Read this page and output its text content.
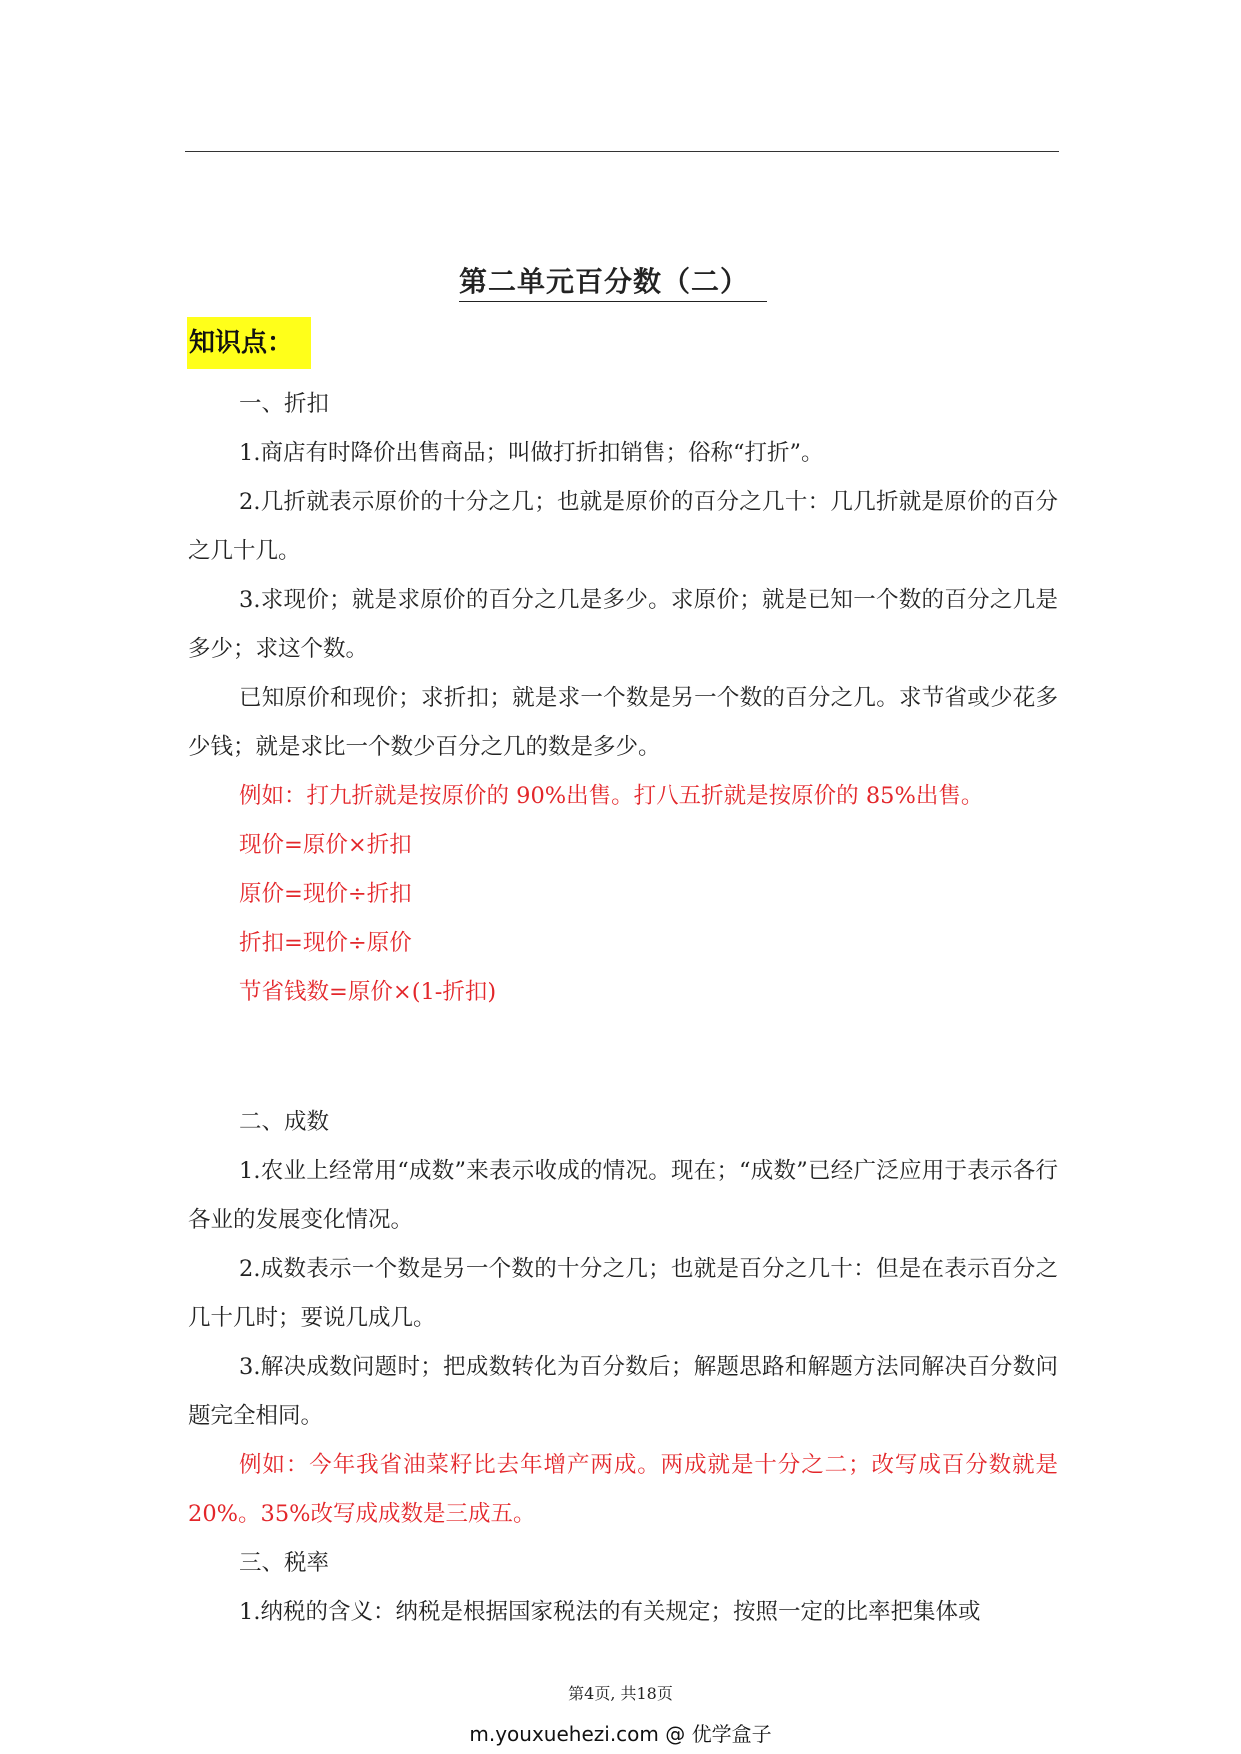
第二单元百分数（二）
知识点：

一、折扣

1.商店有时降价出售商品；叫做打折扣销售；俗称“打折”。

2.几折就表示原价的十分之几；也就是原价的百分之几十：几几折就是原价的百分之几十几。

3.求现价；就是求原价的百分之几是多少。求原价；就是已知一个数的百分之几是多少；求这个数。

已知原价和现价；求折扣；就是求一个数是另一个数的百分之几。求节省或少花多少钱；就是求比一个数少百分之几的数是多少。

例如：打九折就是按原价的 90%出售。打八五折就是按原价的 85%出售。

现价=原价×折扣

原价=现价÷折扣

折扣=现价÷原价

节省钱数=原价×(1-折扣)

二、成数

1.农业上经常用“成数”来表示收成的情况。现在；“成数”已经广泛应用于表示各行各业的发展变化情况。

2.成数表示一个数是另一个数的十分之几；也就是百分之几十：但是在表示百分之几十几时；要说几成几。

3.解决成数问题时；把成数转化为百分数后；解题思路和解题方法同解决百分数问题完全相同。

例如：今年我省油菜籽比去年增产两成。两成就是十分之二；改写成百分数就是 20%。35%改写成成数是三成五。

三、税率

1.纳税的含义：纳税是根据国家税法的有关规定；按照一定的比率把集体或

第4页, 共18页
m.youxuehezi.com @ 优学盒子
